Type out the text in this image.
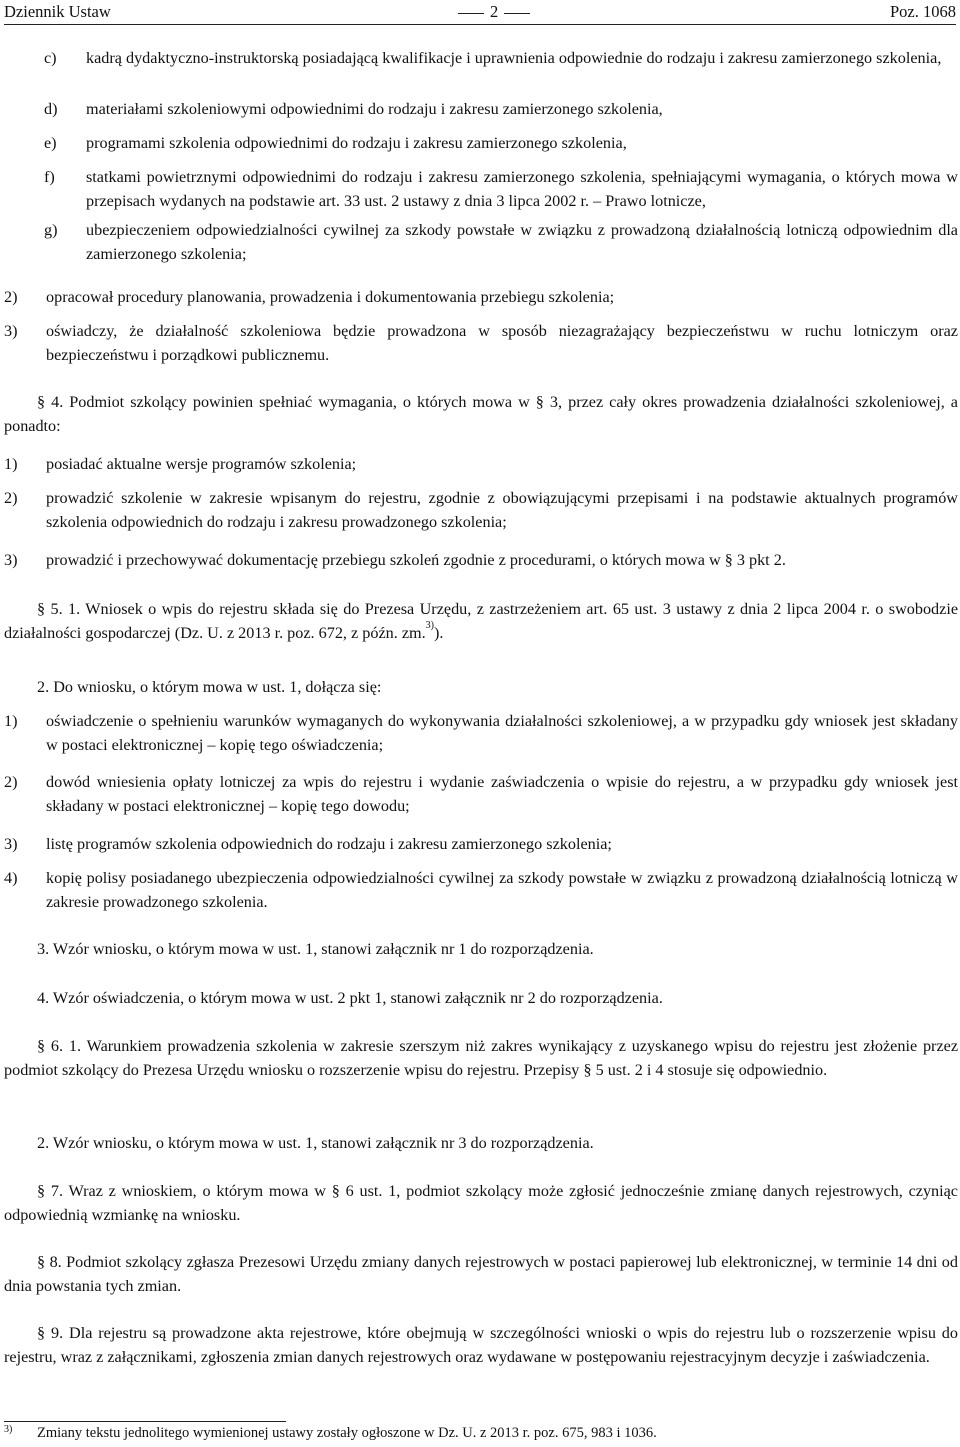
Dziennik Ustaw	2	Poz. 1068
c) kadrą dydaktyczno-instruktorską posiadającą kwalifikacje i uprawnienia odpowiednie do rodzaju i zakresu zamierzonego szkolenia,
d) materiałami szkoleniowymi odpowiednimi do rodzaju i zakresu zamierzonego szkolenia,
e) programami szkolenia odpowiednimi do rodzaju i zakresu zamierzonego szkolenia,
f) statkami powietrznymi odpowiednimi do rodzaju i zakresu zamierzonego szkolenia, spełniającymi wymagania, o których mowa w przepisach wydanych na podstawie art. 33 ust. 2 ustawy z dnia 3 lipca 2002 r. – Prawo lotnicze,
g) ubezpieczeniem odpowiedzialności cywilnej za szkody powstałe w związku z prowadzoną działalnością lotniczą odpowiednim dla zamierzonego szkolenia;
2) opracował procedury planowania, prowadzenia i dokumentowania przebiegu szkolenia;
3) oświadczy, że działalność szkoleniowa będzie prowadzona w sposób niezagrażający bezpieczeństwu w ruchu lotniczym oraz bezpieczeństwu i porządkowi publicznemu.
§ 4. Podmiot szkolący powinien spełniać wymagania, o których mowa w § 3, przez cały okres prowadzenia działalności szkoleniowej, a ponadto:
1) posiadać aktualne wersje programów szkolenia;
2) prowadzić szkolenie w zakresie wpisanym do rejestru, zgodnie z obowiązującymi przepisami i na podstawie aktualnych programów szkolenia odpowiednich do rodzaju i zakresu prowadzonego szkolenia;
3) prowadzić i przechowywać dokumentację przebiegu szkoleń zgodnie z procedurami, o których mowa w § 3 pkt 2.
§ 5. 1. Wniosek o wpis do rejestru składa się do Prezesa Urzędu, z zastrzeżeniem art. 65 ust. 3 ustawy z dnia 2 lipca 2004 r. o swobodzie działalności gospodarczej (Dz. U. z 2013 r. poz. 672, z późn. zm.$^{3)}$).
2. Do wniosku, o którym mowa w ust. 1, dołącza się:
1) oświadczenie o spełnieniu warunków wymaganych do wykonywania działalności szkoleniowej, a w przypadku gdy wniosek jest składany w postaci elektronicznej – kopię tego oświadczenia;
2) dowód wniesienia opłaty lotniczej za wpis do rejestru i wydanie zaświadczenia o wpisie do rejestru, a w przypadku gdy wniosek jest składany w postaci elektronicznej – kopię tego dowodu;
3) listę programów szkolenia odpowiednich do rodzaju i zakresu zamierzonego szkolenia;
4) kopię polisy posiadanego ubezpieczenia odpowiedzialności cywilnej za szkody powstałe w związku z prowadzoną działalnością lotniczą w zakresie prowadzonego szkolenia.
3. Wzór wniosku, o którym mowa w ust. 1, stanowi załącznik nr 1 do rozporządzenia.
4. Wzór oświadczenia, o którym mowa w ust. 2 pkt 1, stanowi załącznik nr 2 do rozporządzenia.
§ 6. 1. Warunkiem prowadzenia szkolenia w zakresie szerszym niż zakres wynikający z uzyskanego wpisu do rejestru jest złożenie przez podmiot szkolący do Prezesa Urzędu wniosku o rozszerzenie wpisu do rejestru. Przepisy § 5 ust. 2 i 4 stosuje się odpowiednio.
2. Wzór wniosku, o którym mowa w ust. 1, stanowi załącznik nr 3 do rozporządzenia.
§ 7. Wraz z wnioskiem, o którym mowa w § 6 ust. 1, podmiot szkolący może zgłosić jednocześnie zmianę danych rejestrowych, czyniąc odpowiednią wzmiankę na wniosku.
§ 8. Podmiot szkolący zgłasza Prezesowi Urzędu zmiany danych rejestrowych w postaci papierowej lub elektronicznej, w terminie 14 dni od dnia powstania tych zmian.
§ 9. Dla rejestru są prowadzone akta rejestrowe, które obejmują w szczególności wnioski o wpis do rejestru lub o rozszerzenie wpisu do rejestru, wraz z załącznikami, zgłoszenia zmian danych rejestrowych oraz wydawane w postępowaniu rejestracyjnym decyzje i zaświadczenia.
3) Zmiany tekstu jednolitego wymienionej ustawy zostały ogłoszone w Dz. U. z 2013 r. poz. 675, 983 i 1036.
